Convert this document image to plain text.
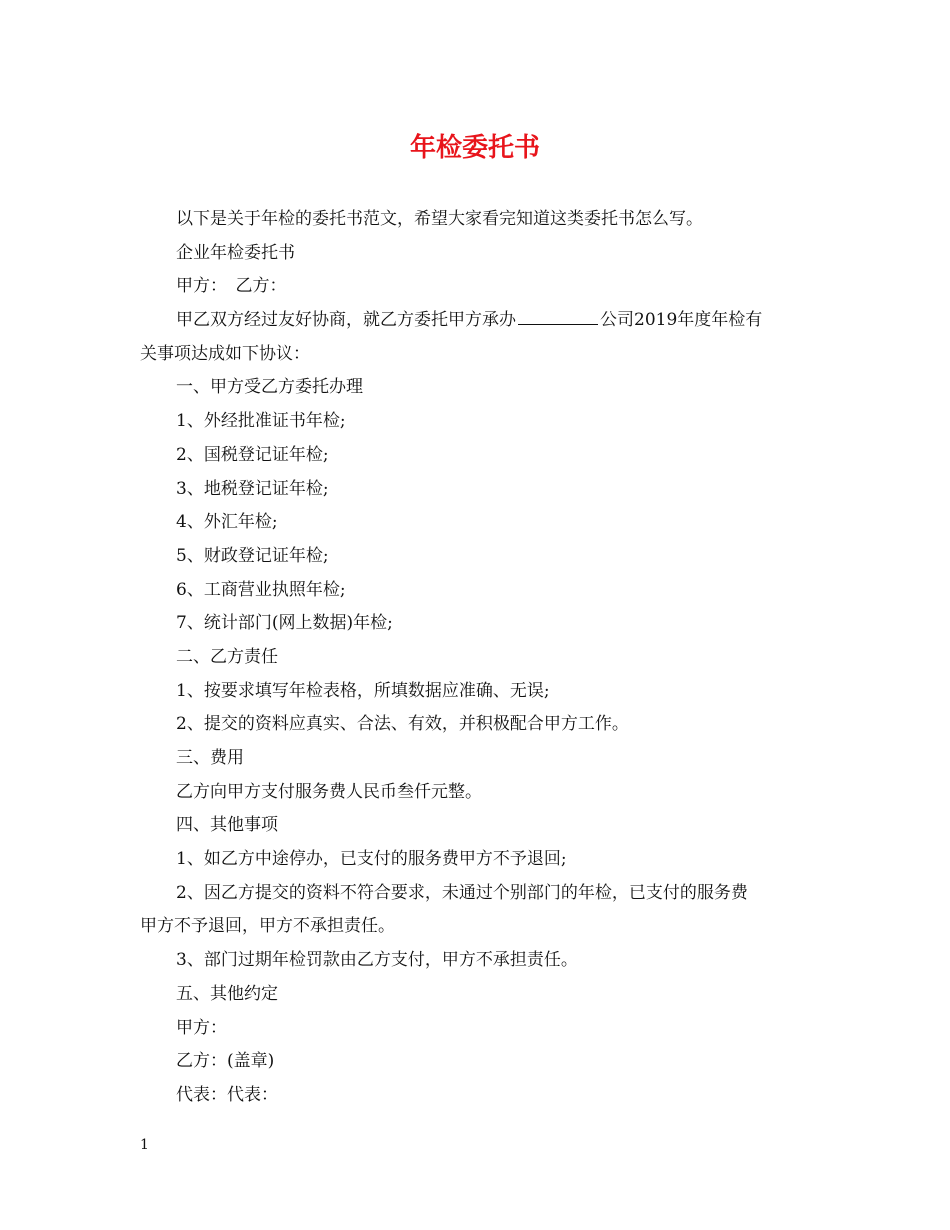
年检委托书
以下是关于年检的委托书范文，希望大家看完知道这类委托书怎么写。
企业年检委托书
甲方：　乙方：
甲乙双方经过友好协商，就乙方委托甲方承办	公司2019年度年检有
关事项达成如下协议：
一、甲方受乙方委托办理
1、外经批准证书年检;
2、国税登记证年检;
3、地税登记证年检;
4、外汇年检;
5、财政登记证年检;
6、工商营业执照年检;
7、统计部门(网上数据)年检;
二、乙方责任
1、按要求填写年检表格，所填数据应准确、无误;
2、提交的资料应真实、合法、有效，并积极配合甲方工作。
三、费用
乙方向甲方支付服务费人民币叁仟元整。
四、其他事项
1、如乙方中途停办，已支付的服务费甲方不予退回;
2、因乙方提交的资料不符合要求，未通过个别部门的年检，已支付的服务费
甲方不予退回，甲方不承担责任。
3、部门过期年检罚款由乙方支付，甲方不承担责任。
五、其他约定
甲方：
乙方：(盖章)
代表：代表：
1
